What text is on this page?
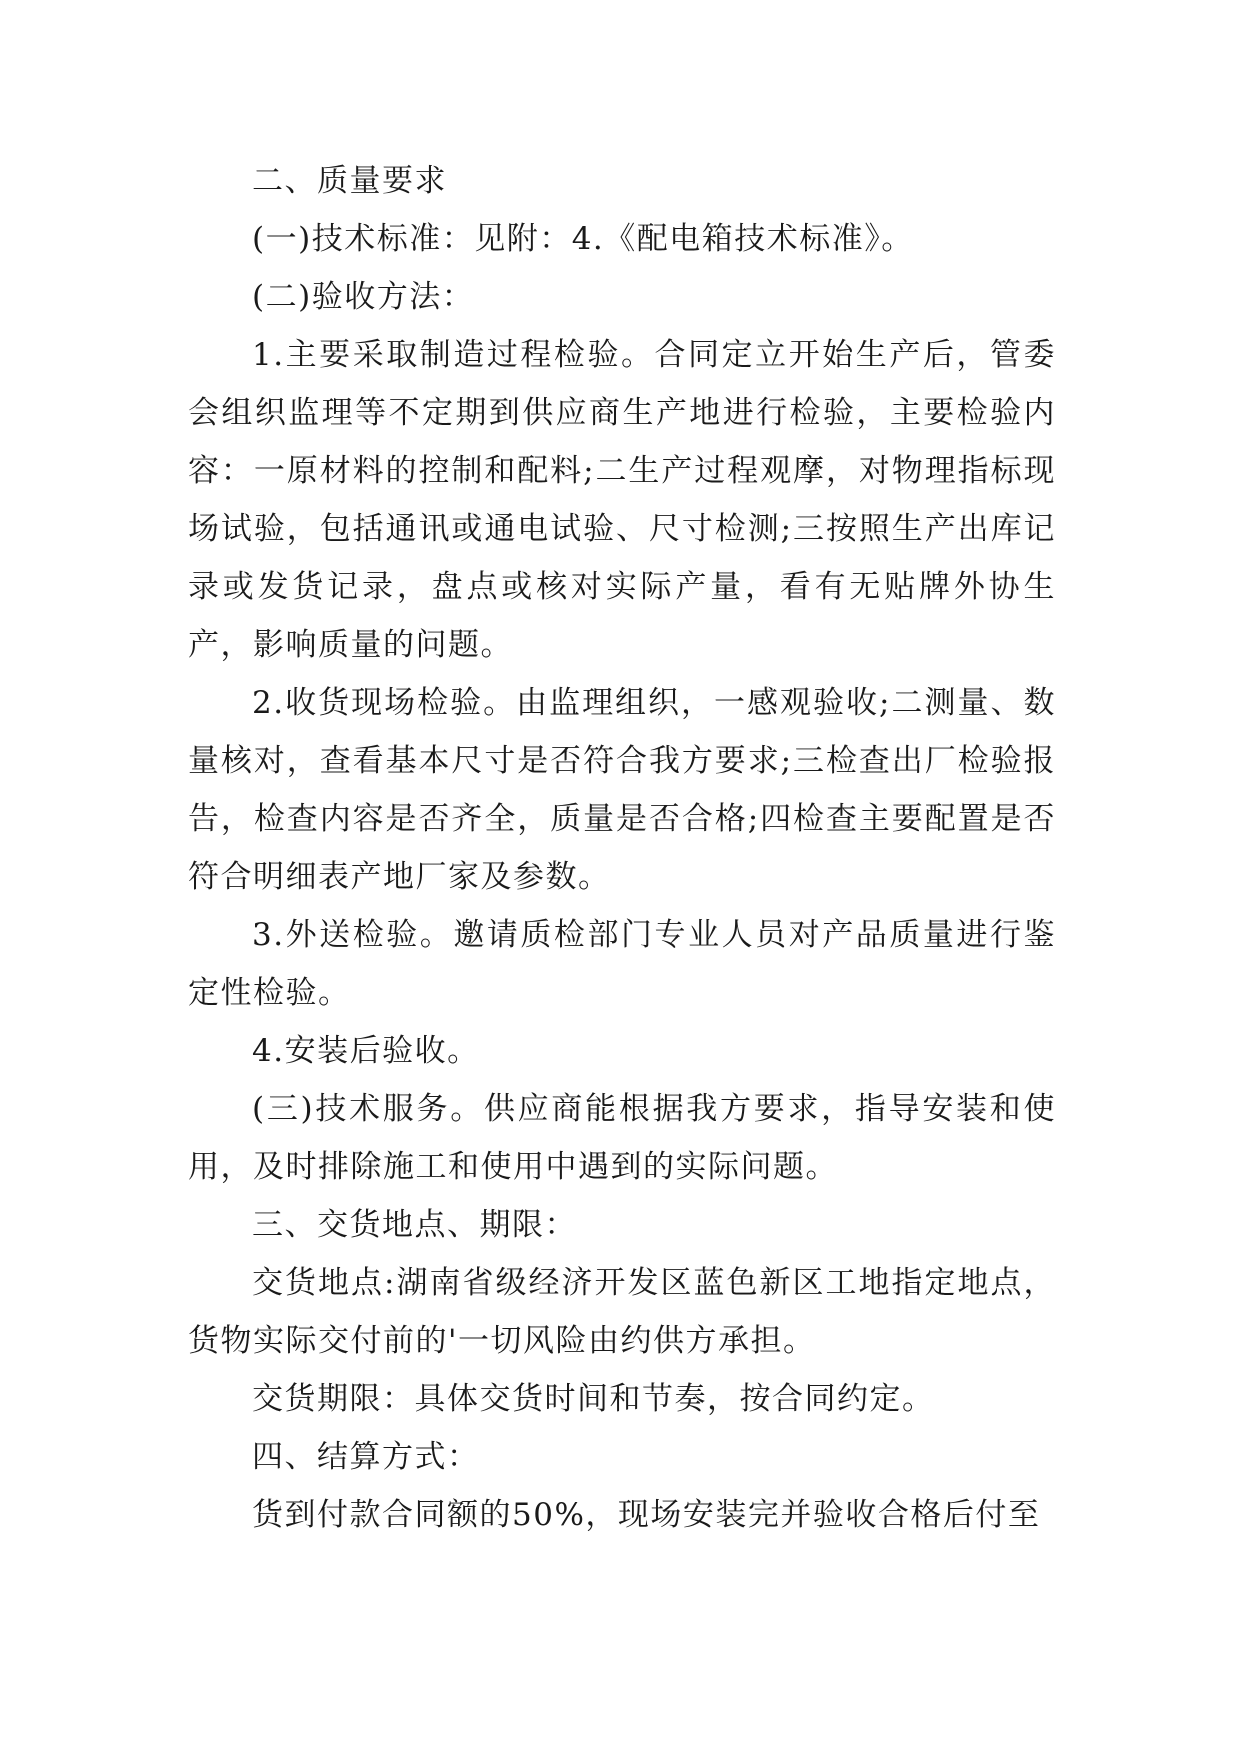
二、质量要求

(一)技术标准：见附：4.《配电箱技术标准》。

(二)验收方法：

1.主要采取制造过程检验。合同定立开始生产后，管委会组织监理等不定期到供应商生产地进行检验，主要检验内容：一原材料的控制和配料;二生产过程观摩，对物理指标现场试验，包括通讯或通电试验、尺寸检测;三按照生产出库记录或发货记录，盘点或核对实际产量，看有无贴牌外协生产，影响质量的问题。

2.收货现场检验。由监理组织，一感观验收;二测量、数量核对，查看基本尺寸是否符合我方要求;三检查出厂检验报告，检查内容是否齐全，质量是否合格;四检查主要配置是否符合明细表产地厂家及参数。

3.外送检验。邀请质检部门专业人员对产品质量进行鉴定性检验。

4.安装后验收。

(三)技术服务。供应商能根据我方要求，指导安装和使用，及时排除施工和使用中遇到的实际问题。

三、交货地点、期限：

交货地点:湖南省级经济开发区蓝色新区工地指定地点，货物实际交付前的'一切风险由约供方承担。

交货期限：具体交货时间和节奏，按合同约定。

四、结算方式：

货到付款合同额的50%，现场安装完并验收合格后付至
